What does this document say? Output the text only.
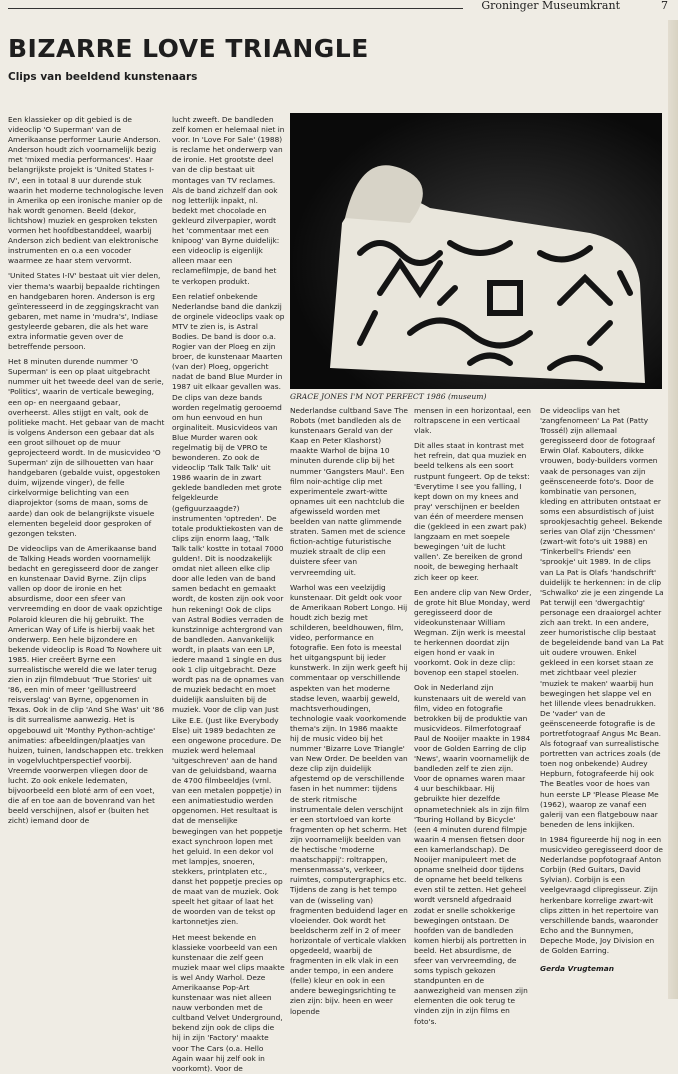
Groninger Museumkrant	7
BIZARRE LOVE TRIANGLE
Clips van beeldend kunstenaars

Een klassieker op dit gebied is de videoclip 'O Superman' van de Amerikaanse performer Laurie Anderson. Anderson houdt zich voornamelijk bezig met 'mixed media performances'. Haar belangrijkste projekt is 'United States I-IV', een in totaal 8 uur durende stuk waarin het moderne technologische leven in Amerika op een ironische manier op de hak wordt genomen. Beeld (dekor, lichtshow) muziek en gesproken teksten vormen het hoofdbestanddeel, waarbij Anderson zich bedient van elektronische instrumenten en o.a een vocoder waarmee ze haar stem vervormt.

'United States I-IV' bestaat uit vier delen, vier thema's waarbij bepaalde richtingen en handgebaren horen. Anderson is erg geïnteresseerd in de zeggingskracht van gebaren, met name in 'mudra's', Indiase gestyleerde gebaren, die als het ware extra informatie geven over de betreffende persoon.

Het 8 minuten durende nummer 'O Superman' is een op plaat uitgebracht nummer uit het tweede deel van de serie, 'Politics', waarin de verticale beweging, een op- en neergaand gebaar, overheerst. Alles stijgt en valt, ook de politieke macht. Het gebaar van de macht is volgens Anderson een gebaar dat als een groot silhouet op de muur geprojecteerd wordt. In de musicvideo 'O Superman' zijn de silhouetten van haar handgebaren (gebalde vuist, opgestoken duim, wijzende vinger), de felle cirkelvormige belichting van een diaprojektor (soms de maan, soms de aarde) dan ook de belangrijkste visuele elementen begeleid door gesproken of gezongen teksten.

De videoclips van de Amerikaanse band de Talking Heads worden voornamelijk bedacht en geregisseerd door de zanger en kunstenaar David Byrne. Zijn clips vallen op door de ironie en het absurdisme, door een sfeer van vervreemding en door de vaak opzichtige Polaroid kleuren die hij gebruikt. The American Way of Life is hierbij vaak het onderwerp. Een hele bijzondere en bekende videoclip is Road To Nowhere uit 1985. Hier creëert Byrne een surrealistische wereld die we later terug zien in zijn filmdebuut 'True Stories' uit '86, een min of meer 'geïllustreerd reisverslag' van Byrne, opgenomen in Texas. Ook in de clip 'And She Was' uit '86 is dit surrealisme aanwezig. Het is opgebouwd uit 'Monthy Python-achtige' animaties: afbeeldingen/plaatjes van huizen, tuinen, landschappen etc. trekken in vogelvluchtperspectief voorbij. Vreemde voorwerpen vliegen door de lucht. Zo ook enkele ledematen, bijvoorbeeld een bloté arm of een voet, die af en toe aan de bovenrand van het beeld verschijnen, alsof er (buiten het zicht) iemand door de

lucht zweeft. De bandleden zelf komen er helemaal niet in voor. In 'Love For Sale' (1988) is reclame het onderwerp van de ironie. Het grootste deel van de clip bestaat uit montages van TV reclames. Als de band zichzelf dan ook nog letterlijk inpakt, nl. bedekt met chocolade en gekleurd zilverpapier, wordt het 'commentaar met een knipoog' van Byrne duidelijk: een videoclip is eigenlijk alleen maar een reclamefilmpje, de band het te verkopen produkt.

Een relatief onbekende Nederlandse band die dankzij de orginele videoclips vaak op MTV te zien is, is Astral Bodies. De band is door o.a. Rogier van der Ploeg en zijn broer, de kunstenaar Maarten (van der) Ploeg, opgericht nadat de band Blue Murder in 1987 uit elkaar gevallen was. De clips van deze bands worden regelmatig gerooemd om hun eenvoud en hun orginaliteit. Musicvideos van Blue Murder waren ook regelmatig bij de VPRO te bewonderen. Zo ook de videoclip 'Talk Talk Talk' uit 1986 waarin de in zwart geklede bandleden met grote felgekleurde (gefiguurzaagde?) instrumenten 'optreden'. De totale produktiekosten van de clips zijn enorm laag, 'Talk Talk talk' kostte in totaal 7000 gulden!. Dit is noodzakelijk omdat niet alleen elke clip door alle leden van de band samen bedacht en gemaakt wordt, de kosten zijn ook voor hun rekening! Ook de clips van Astral Bodies verraden de kunstzinnige achtergrond van de bandleden. Aanvankelijk wordt, in plaats van een LP, iedere maand 1 single en dus ook 1 clip uitgebracht. Deze wordt pas na de opnames van de muziek bedacht en moet duidelijk aansluiten bij de muziek. Voor de clip van Just Like E.E. (Just like Everybody Else) uit 1989 bedachten ze een ongewone procedure. De muziek werd helemaal 'uitgeschreven' aan de hand van de geluidsband, waarna de 4700 filmbeeldjes (vrnl. van een metalen poppetje) in een animatiestudio werden opgenomen. Het resultaat is dat de menselijke bewegingen van het poppetje exact synchroon lopen met het geluid. In een dekor vol met lampjes, snoeren, stekkers, printplaten etc., danst het poppetje precies op de maat van de muziek. Ook speelt het gitaar of laat het de woorden van de tekst op kartonnetjes zien.

Het meest bekende en klassieke voorbeeld van een kunstenaar die zelf geen muziek maar wel clips maakte is wel Andy Warhol. Deze Amerikaanse Pop-Art kunstenaar was niet alleen nauw verbonden met de cultband Velvet Underground, bekend zijn ook de clips die hij in zijn 'Factory' maakte voor The Cars (o.a. Hello Again waar hij zelf ook in voorkomt). Voor de

GRACE JONES I'M NOT PERFECT 1986 (museum)

Nederlandse cultband Save The Robots (met bandleden als de kunstenaars Gerald van der Kaap en Peter Klashorst) maakte Warhol de bijna 10 minuten durende clip bij het nummer 'Gangsters Maul'. Een film noir-achtige clip met experimentele zwart-witte opnames uit een nachtclub die afgewisseld worden met beelden van natte glimmende straten. Samen met de science fiction-achtige futuristische muziek straalt de clip een duistere sfeer van vervreemding uit.

Warhol was een veelzijdig kunstenaar. Dit geldt ook voor de Amerikaan Robert Longo. Hij houdt zich bezig met schilderen, beeldhouwen, film, video, performance en fotografie. Een foto is meestal het uitgangspunt bij ieder kunstwerk. In zijn werk geeft hij commentaar op verschillende aspekten van het moderne stadse leven, waarbij geweld, machtsverhoudingen, technologie vaak voorkomende thema's zijn. In 1986 maakte hij de music video bij het nummer 'Bizarre Love Triangle' van New Order. De beelden van deze clip zijn duidelijk afgestemd op de verschillende fasen in het nummer: tijdens de sterk ritmische instrumentale delen verschijnt er een stortvloed van korte fragmenten op het scherm. Het zijn voornamelijk beelden van de hectische 'moderne maatschappij': roltrappen, mensenmassa's, verkeer, ruimtes, computergraphics etc. Tijdens de zang is het tempo van de (wisseling van) fragmenten beduidend lager en vloeiender. Ook wordt het beeldscherm zelf in 2 of meer horizontale of verticale vlakken opgedeeld, waarbij de fragmenten in elk vlak in een ander tempo, in een andere (felle) kleur en ook in een andere bewegingsrichting te zien zijn: bijv. heen en weer lopende

mensen in een horizontaal, een roltrapscene in een verticaal vlak.

Dit alles staat in kontrast met het refrein, dat qua muziek en beeld telkens als een soort rustpunt fungeert. Op de tekst: 'Everytime I see you falling, I kept down on my knees and pray' verschijnen er beelden van één of meerdere mensen die (gekleed in een zwart pak) langzaam en met soepele bewegingen 'uit de lucht vallen'. Ze bereiken de grond nooit, de beweging herhaalt zich keer op keer.

Een andere clip van New Order, de grote hit Blue Monday, werd geregisseerd door de videokunstenaar William Wegman. Zijn werk is meestal te herkennen doordat zijn eigen hond er vaak in voorkomt. Ook in deze clip: bovenop een stapel stoelen.

Ook in Nederland zijn kunstenaars uit de wereld van film, video en fotografie betrokken bij de produktie van musicvideos. Filmerfotograaf Paul de Nooijer maakte in 1984 voor de Golden Earring de clip 'News', waarin voornamelijk de bandleden zelf te zien zijn. Voor de opnames waren maar 4 uur beschikbaar. Hij gebruikte hier dezelfde opnametechniek als in zijn film 'Touring Holland by Bicycle' (een 4 minuten durend filmpje waarin 4 mensen fietsen door een kamerlandschap). De Nooijer manipuleert met de opname snelheid door tijdens de opname het beeld telkens even stil te zetten. Het geheel wordt versneld afgedraaid zodat er snelle schokkerige bewegingen ontstaan. De hoofden van de bandleden komen hierbij als portretten in beeld. Het absurdisme, de sfeer van vervreemding, de soms typisch gekozen standpunten en de aanwezigheid van mensen zijn elementen die ook terug te vinden zijn in zijn films en foto's.

De videoclips van het 'zangfenomeen' La Pat (Patty Trossél) zijn allemaal geregisseerd door de fotograaf Erwin Olaf. Kabouters, dikke vrouwen, body-builders vormen vaak de personages van zijn geënsceneerde foto's. Door de kombinatie van personen, kleding en attributen ontstaat er soms een absurdistisch of juist sprookjesachtig geheel. Bekende series van Olaf zijn 'Chessmen' (zwart-wit foto's uit 1988) en 'Tinkerbell's Friends' een 'sprookje' uit 1989. In de clips van La Pat is Olafs 'handschrift' duidelijk te herkennen: in de clip 'Schwalko' zie je een zingende La Pat terwijl een 'dwergachtig' personage een draaiorgel achter zich aan trekt. In een andere, zeer humoristische clip bestaat de begeleidende band van La Pat uit oudere vrouwen. Enkel gekleed in een korset staan ze met zichtbaar veel plezier 'muziek te maken' waarbij hun bewegingen het slappe vel en het lillende vlees benadrukken. De 'vader' van de geënsceneerde fotografie is de portretfotograaf Angus Mc Bean. Als fotograaf van surrealistische portretten van actrices zoals (de toen nog onbekende) Audrey Hepburn, fotografeerde hij ook The Beatles voor de hoes van hun eerste LP 'Please Please Me (1962), waarop ze vanaf een galerij van een flatgebouw naar beneden de lens inkijken.

In 1984 figureerde hij nog in een musicvideo geregisseerd door de Nederlandse popfotograaf Anton Corbijn (Red Guitars, David Sylvian). Corbijn is een veelgevraagd clipregisseur. Zijn herkenbare korrelige zwart-wit clips zitten in het repertoire van verschillende bands, waaronder Echo and the Bunnymen, Depeche Mode, Joy Division en de Golden Earring.

Gerda Vrugteman
